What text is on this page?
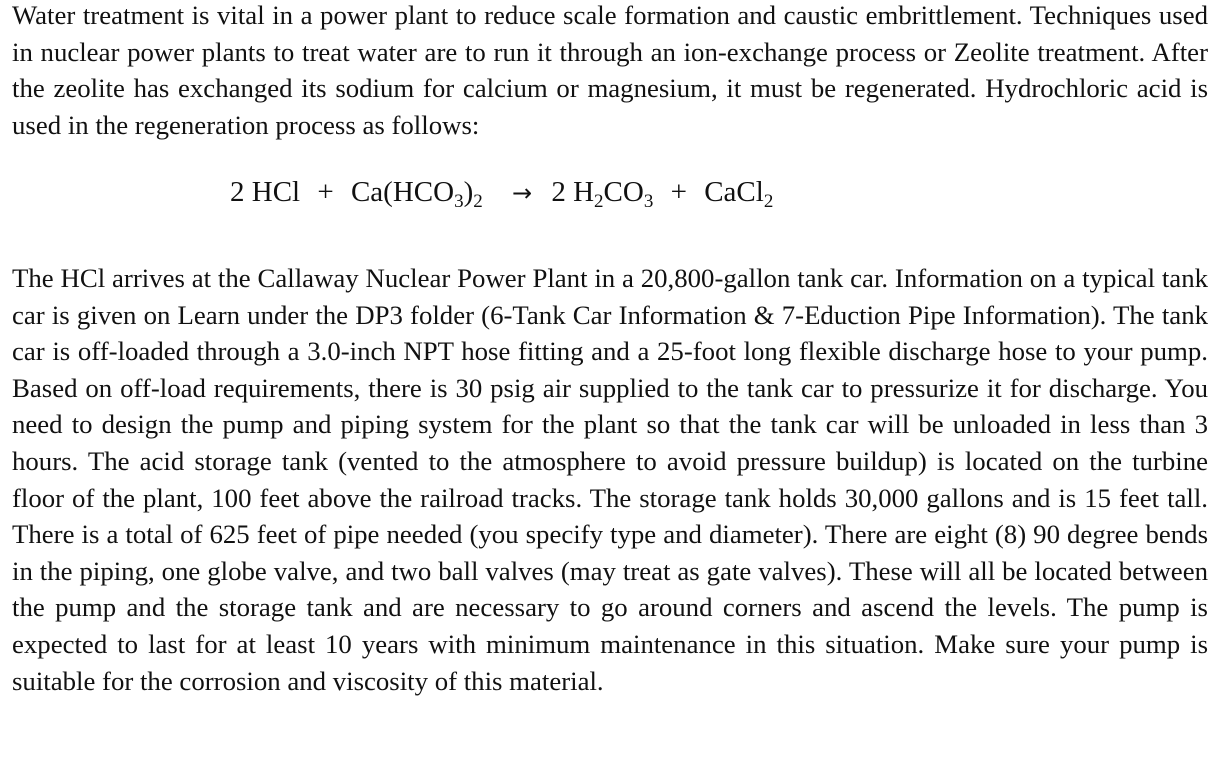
Water treatment is vital in a power plant to reduce scale formation and caustic embrittlement. Techniques used in nuclear power plants to treat water are to run it through an ion-exchange process or Zeolite treatment. After the zeolite has exchanged its sodium for calcium or magnesium, it must be regenerated. Hydrochloric acid is used in the regeneration process as follows:

2 HCl + $Ca(HCO_3)_2 \to 2$ $H_2CO_3$ + CaCl$_2$

The HCl arrives at the Callaway Nuclear Power Plant in a 20,800-gallon tank car. Information on a typical tank car is given on Learn under the DP3 folder (6-Tank Car Information & 7-Eduction Pipe Information). The tank car is off-loaded through a 3.0-inch NPT hose fitting and a 25-foot long flexible discharge hose to your pump. Based on off-load requirements, there is 30 psig air supplied to the tank car to pressurize it for discharge. You need to design the pump and piping system for the plant so that the tank car will be unloaded in less than 3 hours. The acid storage tank (vented to the atmosphere to avoid pressure buildup) is located on the turbine floor of the plant, 100 feet above the railroad tracks. The storage tank holds 30,000 gallons and is 15 feet tall. There is a total of 625 feet of pipe needed (you specify type and diameter). There are eight (8) 90 degree bends in the piping, one globe valve, and two ball valves (may treat as gate valves). These will all be located between the pump and the storage tank and are necessary to go around corners and ascend the levels. The pump is expected to last for at least 10 years with minimum maintenance in this situation. Make sure your pump is suitable for the corrosion and viscosity of this material.
